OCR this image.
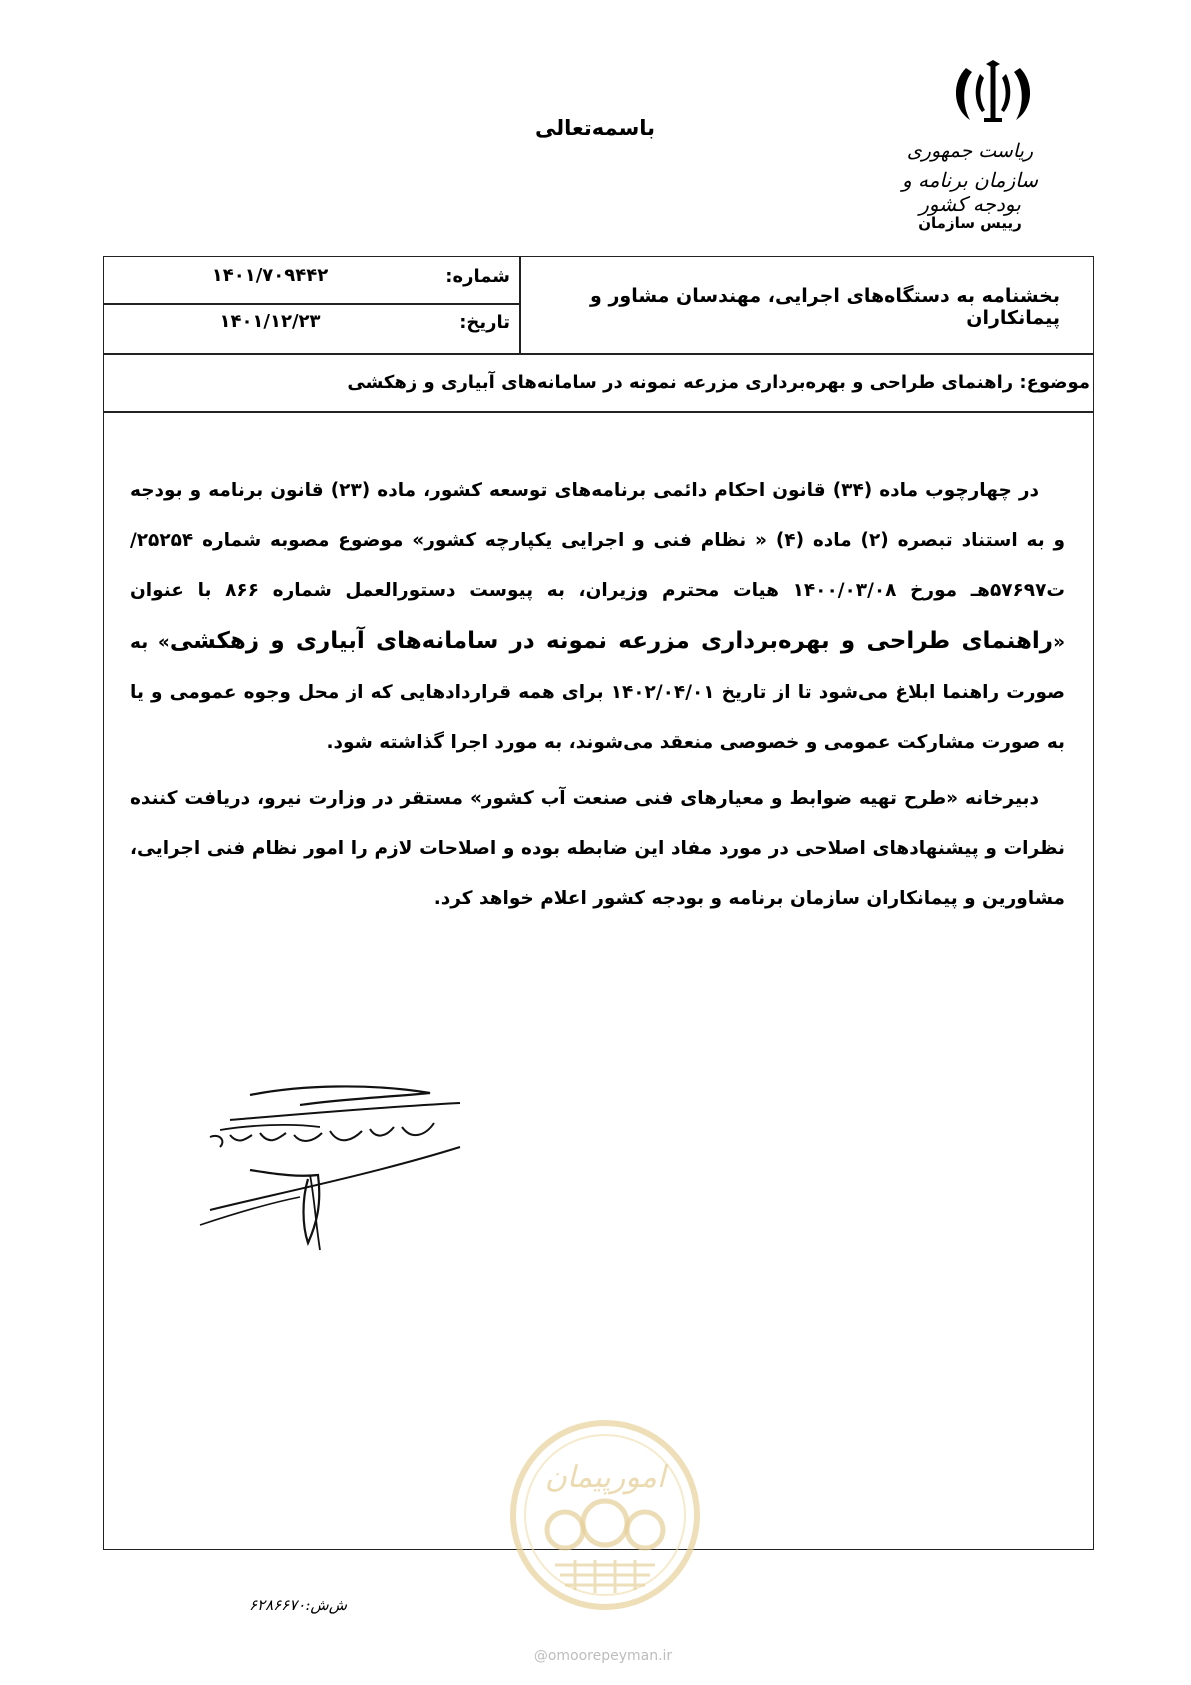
باسمه‌تعالی
ریاست جمهوری
سازمان برنامه و بودجه کشور
رییس سازمان
بخشنامه به دستگاه‌های اجرایی، مهندسان مشاور و پیمانکاران
شماره:
۱۴۰۱/۷۰۹۴۴۲
تاریخ:
۱۴۰۱/۱۲/۲۳
موضوع: راهنمای طراحی و بهره‌برداری مزرعه نمونه در سامانه‌های آبیاری و زهکشی

در چهارچوب ماده (۳۴) قانون احکام دائمی برنامه‌های توسعه کشور، ماده (۲۳) قانون برنامه و بودجه و به استناد تبصره (۲) ماده (۴) « نظام فنی و اجرایی یکپارچه کشور» موضوع مصوبه شماره ۲۵۲۵۴/ت۵۷۶۹۷هـ مورخ ۱۴۰۰/۰۳/۰۸ هیات محترم وزیران، به پیوست دستورالعمل شماره ۸۶۶ با عنوان «راهنمای طراحی و بهره‌برداری مزرعه نمونه در سامانه‌های آبیاری و زهکشی» به صورت راهنما ابلاغ می‌شود تا از تاریخ ۱۴۰۲/۰۴/۰۱ برای همه قراردادهایی که از محل وجوه عمومی و یا به صورت مشارکت عمومی و خصوصی منعقد می‌شوند، به مورد اجرا گذاشته شود.

دبیرخانه «طرح تهیه ضوابط و معیارهای فنی صنعت آب کشور» مستقر در وزارت نیرو، دریافت کننده نظرات و پیشنهادهای اصلاحی در مورد مفاد این ضابطه بوده و اصلاحات لازم را امور نظام فنی اجرایی، مشاورین و پیمانکاران سازمان برنامه و بودجه کشور اعلام خواهد کرد.

امورپیمان
@omoorepeyman.ir
ش‌ش:۶۲۸۶۶۷۰
